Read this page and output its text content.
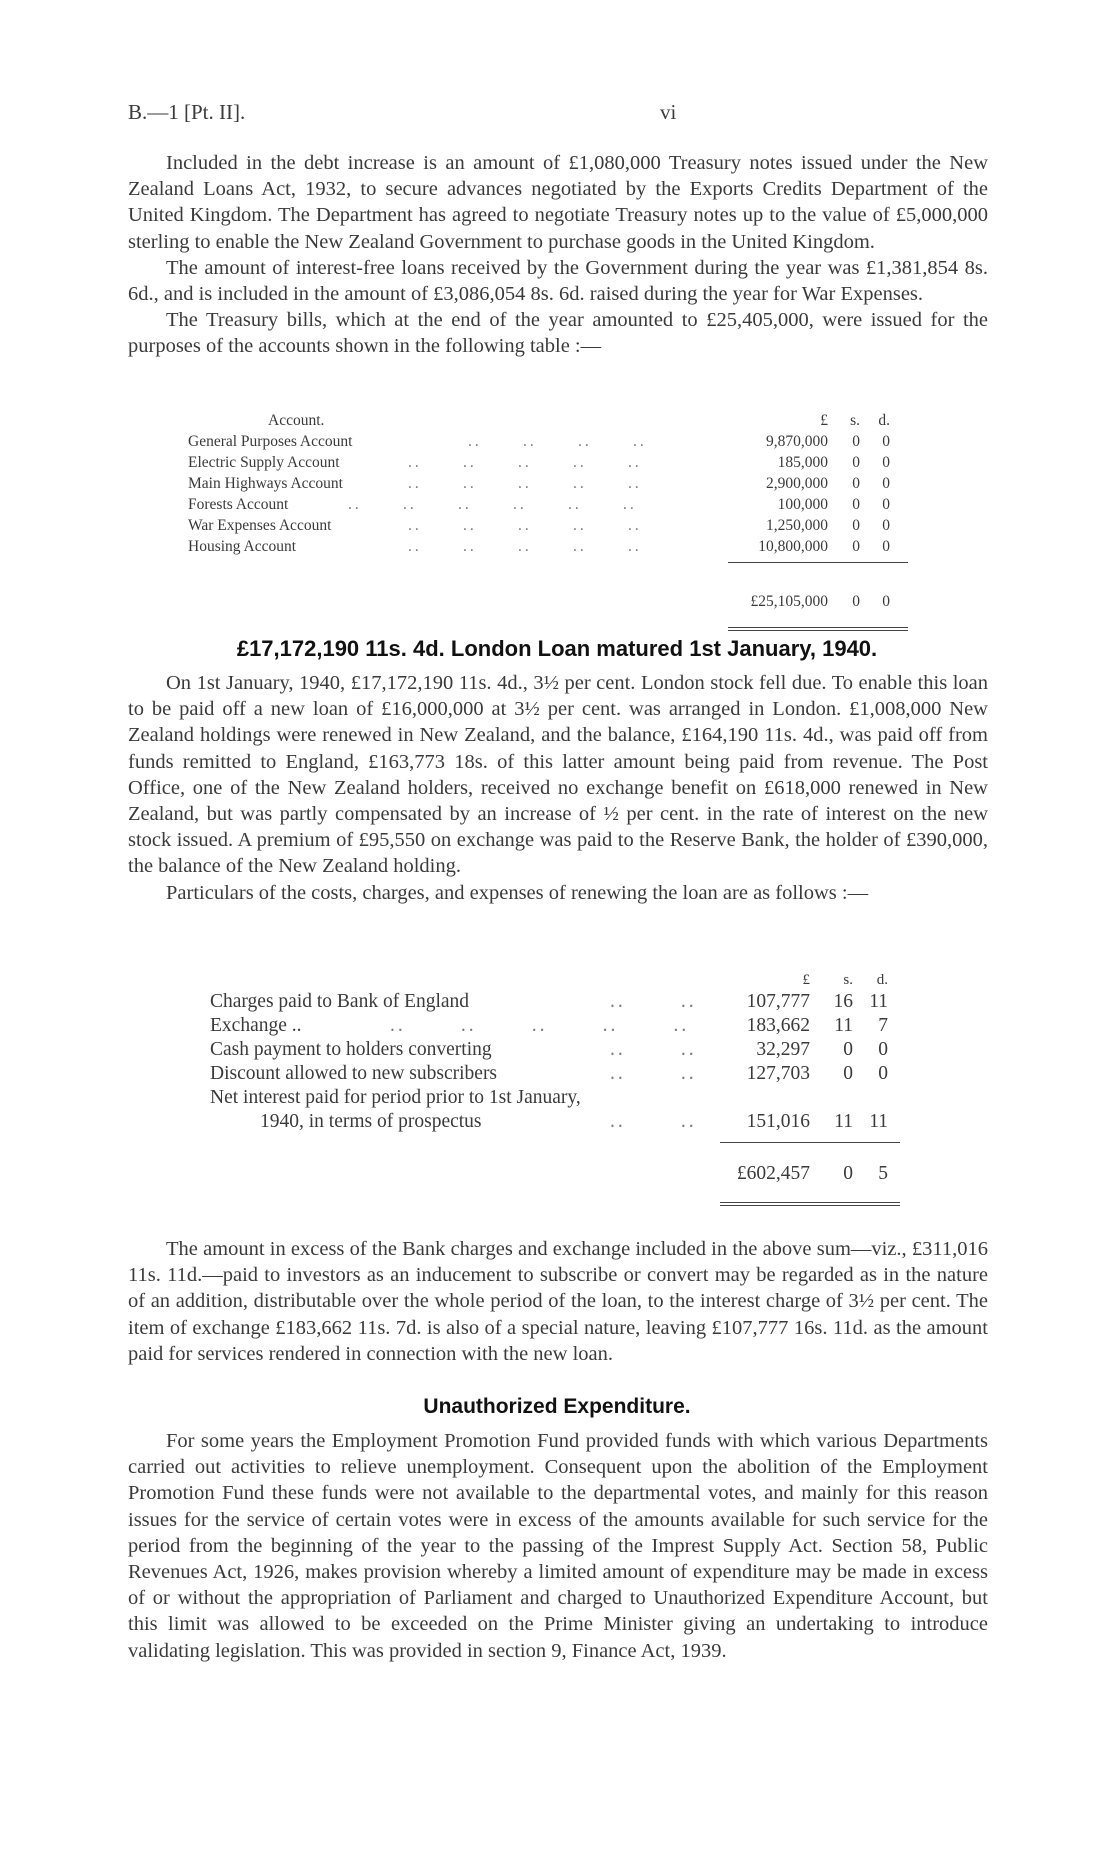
B.—1 [Pt. II].	vi

Included in the debt increase is an amount of £1,080,000 Treasury notes issued under the New Zealand Loans Act, 1932, to secure advances negotiated by the Exports Credits Department of the United Kingdom. The Department has agreed to negotiate Treasury notes up to the value of £5,000,000 sterling to enable the New Zealand Government to purchase goods in the United Kingdom.

The amount of interest-free loans received by the Government during the year was £1,381,854 8s. 6d., and is included in the amount of £3,086,054 8s. 6d. raised during the year for War Expenses.

The Treasury bills, which at the end of the year amounted to £25,405,000, were issued for the purposes of the accounts shown in the following table :—

Account.	£	s.	d.
General Purposes Account	..      ..      ..      ..	9,870,000	0	0
Electric Supply Account	..      ..      ..      ..      ..	185,000	0	0
Main Highways Account	..      ..      ..      ..      ..	2,900,000	0	0
Forests Account	..      ..      ..      ..      ..      ..	100,000	0	0
War Expenses Account	..      ..      ..      ..      ..	1,250,000	0	0
Housing Account	..      ..      ..      ..      ..	10,800,000	0	0
£25,105,000	0	0
£17,172,190 11s. 4d. London Loan matured 1st January, 1940.

On 1st January, 1940, £17,172,190 11s. 4d., 3½ per cent. London stock fell due. To enable this loan to be paid off a new loan of £16,000,000 at 3½ per cent. was arranged in London. £1,008,000 New Zealand holdings were renewed in New Zealand, and the balance, £164,190 11s. 4d., was paid off from funds remitted to England, £163,773 18s. of this latter amount being paid from revenue. The Post Office, one of the New Zealand holders, received no exchange benefit on £618,000 renewed in New Zealand, but was partly compensated by an increase of ½ per cent. in the rate of interest on the new stock issued. A premium of £95,550 on exchange was paid to the Reserve Bank, the holder of £390,000, the balance of the New Zealand holding.

Particulars of the costs, charges, and expenses of renewing the loan are as follows :—

£	s.	d.
Charges paid to Bank of England	..       ..	107,777	16 11
Exchange ..	..       ..       ..       ..       ..	183,662	11	7
Cash payment to holders converting	..       ..	32,297	0	0
Discount allowed to new subscribers	..       ..	127,703	0	0
Net interest paid for period prior to 1st January,
1940, in terms of prospectus	..       ..	151,016	11 11
£602,457	0	5

The amount in excess of the Bank charges and exchange included in the above sum—viz., £311,016 11s. 11d.—paid to investors as an inducement to subscribe or convert may be regarded as in the nature of an addition, distributable over the whole period of the loan, to the interest charge of 3½ per cent. The item of exchange £183,662 11s. 7d. is also of a special nature, leaving £107,777 16s. 11d. as the amount paid for services rendered in connection with the new loan.

Unauthorized Expenditure.

For some years the Employment Promotion Fund provided funds with which various Departments carried out activities to relieve unemployment. Consequent upon the abolition of the Employment Promotion Fund these funds were not available to the departmental votes, and mainly for this reason issues for the service of certain votes were in excess of the amounts available for such service for the period from the beginning of the year to the passing of the Imprest Supply Act. Section 58, Public Revenues Act, 1926, makes provision whereby a limited amount of expenditure may be made in excess of or without the appropriation of Parliament and charged to Unauthorized Expenditure Account, but this limit was allowed to be exceeded on the Prime Minister giving an undertaking to introduce validating legislation. This was provided in section 9, Finance Act, 1939.
